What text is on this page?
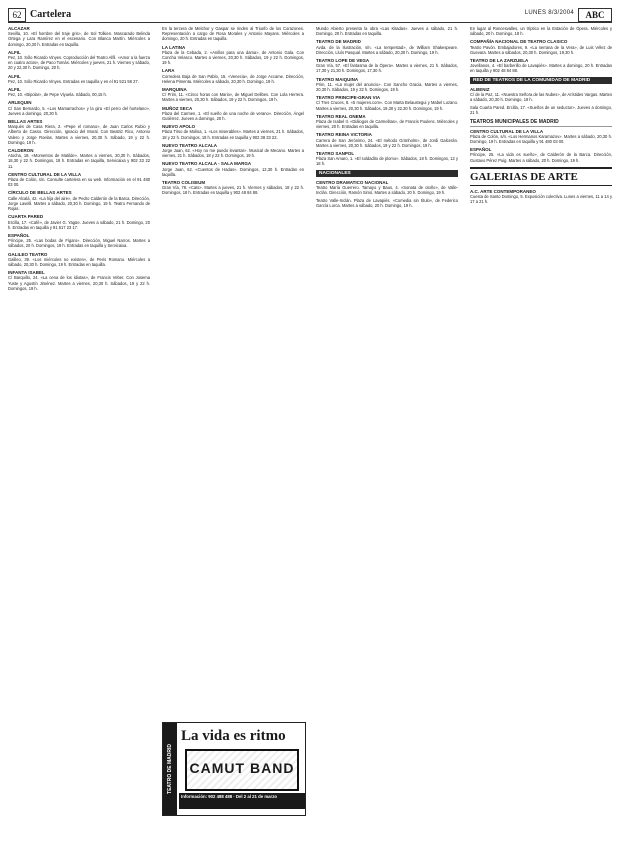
62 Cartelera	LUNES 8/3/2004	ABC
ALCAZAR
Sevilla, 10. «El hombre del traje gris», de Sol Tolkien. Mascarado Belinda Ortega y Lara Ramírez en el escenario. Con Blanca Martín. Miércoles a domingo, 20,30 h. Entradas en taquilla.
ALFIL
Pez, 10. Sólo Ricardo Vinyes. Coproducción del Teatro Alfil. «Amor a la fuerza en cuatro actos», de Paco Tomás. Miércoles y jueves, 21 h. Viernes y sábado, 20 y 22,30 h. Domingo, 20 h.
ALFIL
Pez, 10. Sólo Ricardo Vinyes. Entradas en taquilla y en el 91 521 58 27.
ALFIL
Pez, 10. «Bipolar», de Pepe Viyuela. Sábado, 00,15 h.
ARLEQUIN
C/ San Bernardo, 5. «Los Mamarrachos» y la gira «El perro del hortelano». Jueves a domingo, 20,30 h.
BELLAS ARTES
Marqués de Casa Riera, 2. «Pepe el romano», de Juan Carlos Rubio y Alberto de Casso. Dirección, Ignacio del Moral. Con Beatriz Rico, Antonio Valero y Jorge Roelas. Martes a viernes, 20,30 h. Sábado, 19 y 22 h. Domingo, 19 h.
CALDERON
Atocha, 18. «Momentos de Matilde». Martes a viernes, 20,30 h. Sábados, 18,30 y 22 h. Domingos, 18 h. Entradas en taquilla, Servicaixa y 902 33 22 11.
CENTRO CULTURAL DE LA VILLA
Plaza de Colón, s/n. Consulte cartelera en su web. Información en el 91 480 03 00.
CÍRCULO DE BELLAS ARTES
Calle Alcalá, 42. «La hija del aire», de Pedro Calderón de la Barca. Dirección, Jorge Lavelli. Martes a sábado, 20,30 h. Domingo, 19 h. Teatro Fernando de Rojas.
CUARTA PARED
Ercilla, 17. «Café», de Javier G. Yagüe. Jueves a sábado, 21 h. Domingo, 20 h. Entradas en taquilla y 91 517 23 17.
ESPAÑOL
Príncipe, 25. «Las bodas de Fígaro». Dirección, Miguel Narros. Martes a sábados, 20 h. Domingos, 19 h. Entradas en taquilla y Servicaixa.
GALILEO TEATRO
Galileo, 39. «Los miércoles no existen», de Peris Romano. Miércoles a sábado, 20,30 h. Domingo, 19 h. Entradas en taquilla.
INFANTA ISABEL
C/ Barquillo, 24. «La cena de los idiotas», de Francis Veber. Con Josema Yuste y Agustín Jiménez. Martes a viernes, 20,30 h. Sábados, 19 y 22 h. Domingos, 19 h.
En la tercera de Melchor y Gaspar se rinden al Triunfo de los Corazones. Representación a cargo de Rosa Morales y Antonio Mayans. Miércoles a domingo, 20 h. Entradas en taquilla.
LA LATINA
Plaza de la Cebada, 2. «Anillos para una dama», de Antonio Gala. Con Concha Velasco. Martes a viernes, 20,30 h. Sábados, 19 y 22 h. Domingos, 19 h.
LARA
Corredera Baja de San Pablo, 15. «Venecia», de Jorge Accame. Dirección, Helena Pimenta. Miércoles a sábado, 20,30 h. Domingo, 19 h.
MARQUINA
C/ Prim, 11. «Cinco horas con Mario», de Miguel Delibes. Con Lola Herrera. Martes a viernes, 20,30 h. Sábados, 19 y 22 h. Domingos, 19 h.
MUÑOZ SECA
Plaza del Carmen, 1. «El sueño de una noche de verano». Dirección, Ángel Gutiérrez. Jueves a domingo, 20 h.
NUEVO APOLO
Plaza Tirso de Molina, 1. «Los miserables». Martes a viernes, 21 h. Sábados, 18 y 22 h. Domingos, 18 h. Entradas en taquilla y 902 38 33 22.
NUEVO TEATRO ALCALA
Jorge Juan, 62. «Hoy no me puedo levantar». Musical de Mecano. Martes a viernes, 21 h. Sábados, 18 y 22 h. Domingos, 19 h.
NUEVO TEATRO ALCALA - SALA MARGA
Jorge Juan, 62. «Cuentos de Hadas». Domingos, 12,30 h. Entradas en taquilla.
TEATRO COLISEUM
Gran Vía, 78. «Cats». Martes a jueves, 21 h. Viernes y sábados, 18 y 22 h. Domingos, 18 h. Entradas en taquilla y 902 48 84 88.
Mundo Abierto presenta la obra «Las Kitadas». Jueves a sábado, 21 h. Domingo, 20 h. Entradas en taquilla.
TEATRO DE MADRID
Avda. de la Ilustración, s/n. «La tempestad», de William Shakespeare. Dirección, Lluís Pasqual. Martes a sábado, 20,30 h. Domingo, 19 h.
TEATRO LOPE DE VEGA
Gran Vía, 57. «El fantasma de la Ópera». Martes a viernes, 21 h. Sábados, 17,30 y 21,30 h. Domingos, 17,30 h.
TEATRO MAIQUINA
Prim, 11. «La mujer del anuncio». Con Sancho Gracia. Martes a viernes, 20,30 h. Sábados, 19 y 22 h. Domingos, 19 h.
TEATRO PRINCIPE-GRAN VIA
C/ Tres Cruces, 8. «5 mujeres.com». Con Marta Belaustegui y Mabel Lozano. Martes a viernes, 20,30 h. Sábados, 19,30 y 22,30 h. Domingos, 19 h.
TEATRO REAL ONEMA
Plaza de Isabel II. «Diálogos de Carmelitas», de Francis Poulenc. Miércoles y viernes, 20 h. Entradas en taquilla.
TEATRO REINA VICTORIA
Carrera de San Jerónimo, 24. «El método Grönholm», de Jordi Galcerán. Martes a viernes, 20,30 h. Sábados, 19 y 22 h. Domingos, 19 h.
TEATRO SANPOL
Plaza San Amaro, 1. «El soldadito de plomo». Sábados, 18 h. Domingos, 12 y 18 h.
NACIONALES
CENTRO DRAMATICO NACIONAL
Teatro María Guerrero. Tamayo y Baus, 4. «Sonata de otoño», de Valle-Inclán. Dirección, Ramón Simó. Martes a sábado, 20 h. Domingo, 19 h.
Teatro Valle-Inclán. Plaza de Lavapiés. «Comedia sin título», de Federico García Lorca. Martes a sábado, 20 h. Domingo, 19 h.
En lugar al Roncesvalles, un tríptico en la Estación de Ópera. Miércoles y sábado, 20 h. Domingo, 18 h.
COMPAÑÍA NACIONAL DE TEATRO CLASICO
Teatro Pavón. Embajadores, 9. «La serrana de la Vera», de Luis Vélez de Guevara. Martes a sábados, 20,30 h. Domingos, 19,30 h.
TEATRO DE LA ZARZUELA
Jovellanos, 4. «El barberillo de Lavapiés». Martes a domingo, 20 h. Entradas en taquilla y 902 48 84 88.
RED DE TEATROS DE LA COMUNIDAD DE MADRID
ALBENIZ
C/ de la Paz, 11. «Nuestra Señora de las Nubes», de Arístides Vargas. Martes a sábado, 20,30 h. Domingo, 19 h.
Sala Cuarta Pared. Ercilla, 17. «Sueños de un seductor». Jueves a domingo, 21 h.
TEATROS MUNICIPALES DE MADRID
CENTRO CULTURAL DE LA VILLA
Plaza de Colón, s/n. «Los Hermanos Karamazov». Martes a sábado, 20,30 h. Domingo, 19 h. Entradas en taquilla y 91 480 03 00.
ESPAÑOL
Príncipe, 25. «La vida es sueño», de Calderón de la Barca. Dirección, Gustavo Pérez Puig. Martes a sábado, 20 h. Domingo, 19 h.
GALERIAS DE ARTE
A.C. ARTE CONTEMPORANEO
Cuesta de Santo Domingo, 5. Exposición colectiva. Lunes a viernes, 11 a 14 y 17 a 21 h.
TEATRO DE MADRID
La vida es ritmo
CAMUT BAND
Información: 902 488 488 · Del 2 al 21 de marzo
